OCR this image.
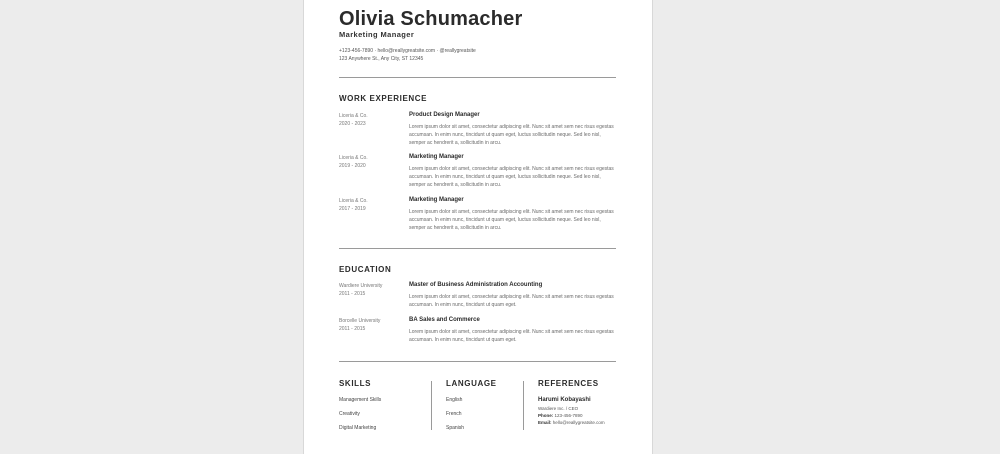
Olivia Schumacher
Marketing Manager
+123-456-7890 · hello@reallygreatsite.com · @reallygreatsite
123 Anywhere St., Any City, ST 12345
WORK EXPERIENCE
Liceria & Co.
2020 - 2023
Product Design Manager
Lorem ipsum dolor sit amet, consectetur adipiscing elit. Nunc sit amet sem nec risus egestas accumsan. In enim nunc, tincidunt ut quam eget, luctus sollicitudin neque. Sed leo nisl, semper ac hendrerit a, sollicitudin in arcu.
Liceria & Co.
2019 - 2020
Marketing Manager
Lorem ipsum dolor sit amet, consectetur adipiscing elit. Nunc sit amet sem nec risus egestas accumsan. In enim nunc, tincidunt ut quam eget, luctus sollicitudin neque. Sed leo nisl, semper ac hendrerit a, sollicitudin in arcu.
Liceria & Co.
2017 - 2019
Marketing Manager
Lorem ipsum dolor sit amet, consectetur adipiscing elit. Nunc sit amet sem nec risus egestas accumsan. In enim nunc, tincidunt ut quam eget, luctus sollicitudin neque. Sed leo nisl, semper ac hendrerit a, sollicitudin in arcu.
EDUCATION
Wardiere University
2011 - 2015
Master of Business Administration Accounting
Lorem ipsum dolor sit amet, consectetur adipiscing elit. Nunc sit amet sem nec risus egestas accumsan. In enim nunc, tincidunt ut quam eget.
Borcelle University
2011 - 2015
BA Sales and Commerce
Lorem ipsum dolor sit amet, consectetur adipiscing elit. Nunc sit amet sem nec risus egestas accumsan. In enim nunc, tincidunt ut quam eget.
SKILLS
Management Skills
Creativity
Digital Marketing
LANGUAGE
English
French
Spanish
REFERENCES
Harumi Kobayashi
Wardiere Inc. / CEO
Phone: 123-456-7890
Email: hello@reallygreatsite.com
